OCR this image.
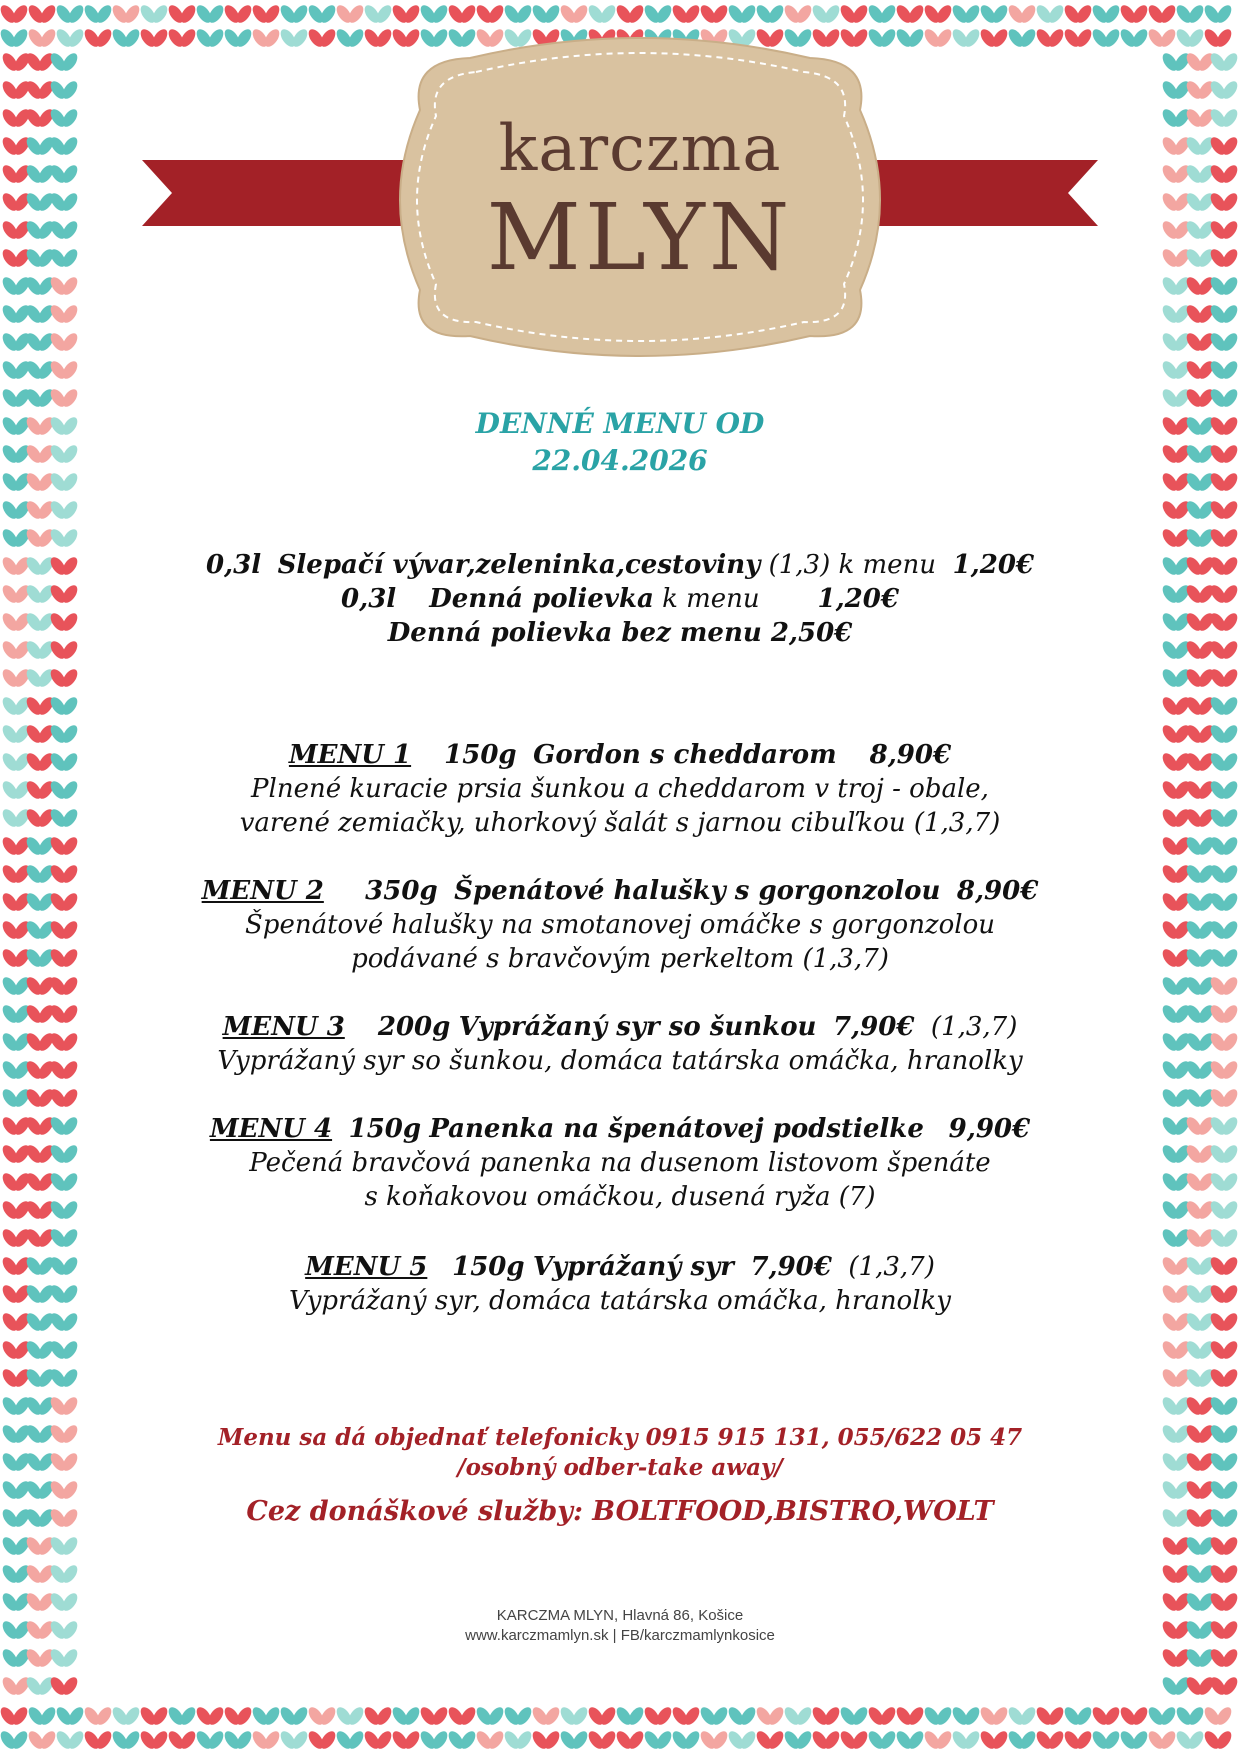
karczma
MLYN
DENNÉ MENU OD
22.04.2026
0,3l Slepačí vývar,zeleninka,cestoviny (1,3) k menu 1,20€
0,3l Denná polievka k menu 1,20€
Denná polievka bez menu 2,50€
MENU 1 150g Gordon s cheddarom 8,90€
Plnené kuracie prsia šunkou a cheddarom v troj - obale,
varené zemiačky, uhorkový šalát s jarnou cibuľkou (1,3,7)
MENU 2 350g Špenátové halušky s gorgonzolou 8,90€
Špenátové halušky na smotanovej omáčke s gorgonzolou
podávané s bravčovým perkeltom (1,3,7)
MENU 3 200g Vyprážaný syr so šunkou 7,90€ (1,3,7)
Vyprážaný syr so šunkou, domáca tatárska omáčka, hranolky
MENU 4 150g Panenka na špenátovej podstielke 9,90€
Pečená bravčová panenka na dusenom listovom špenáte
s koňakovou omáčkou, dusená ryža (7)
MENU 5 150g Vyprážaný syr 7,90€ (1,3,7)
Vyprážaný syr, domáca tatárska omáčka, hranolky
Menu sa dá objednať telefonicky 0915 915 131, 055/622 05 47
/osobný odber-take away/
Cez donáškové služby: BOLTFOOD,BISTRO,WOLT
KARCZMA MLYN, Hlavná 86, Košice
www.karczmamlyn.sk | FB/karczmamlynkosice
